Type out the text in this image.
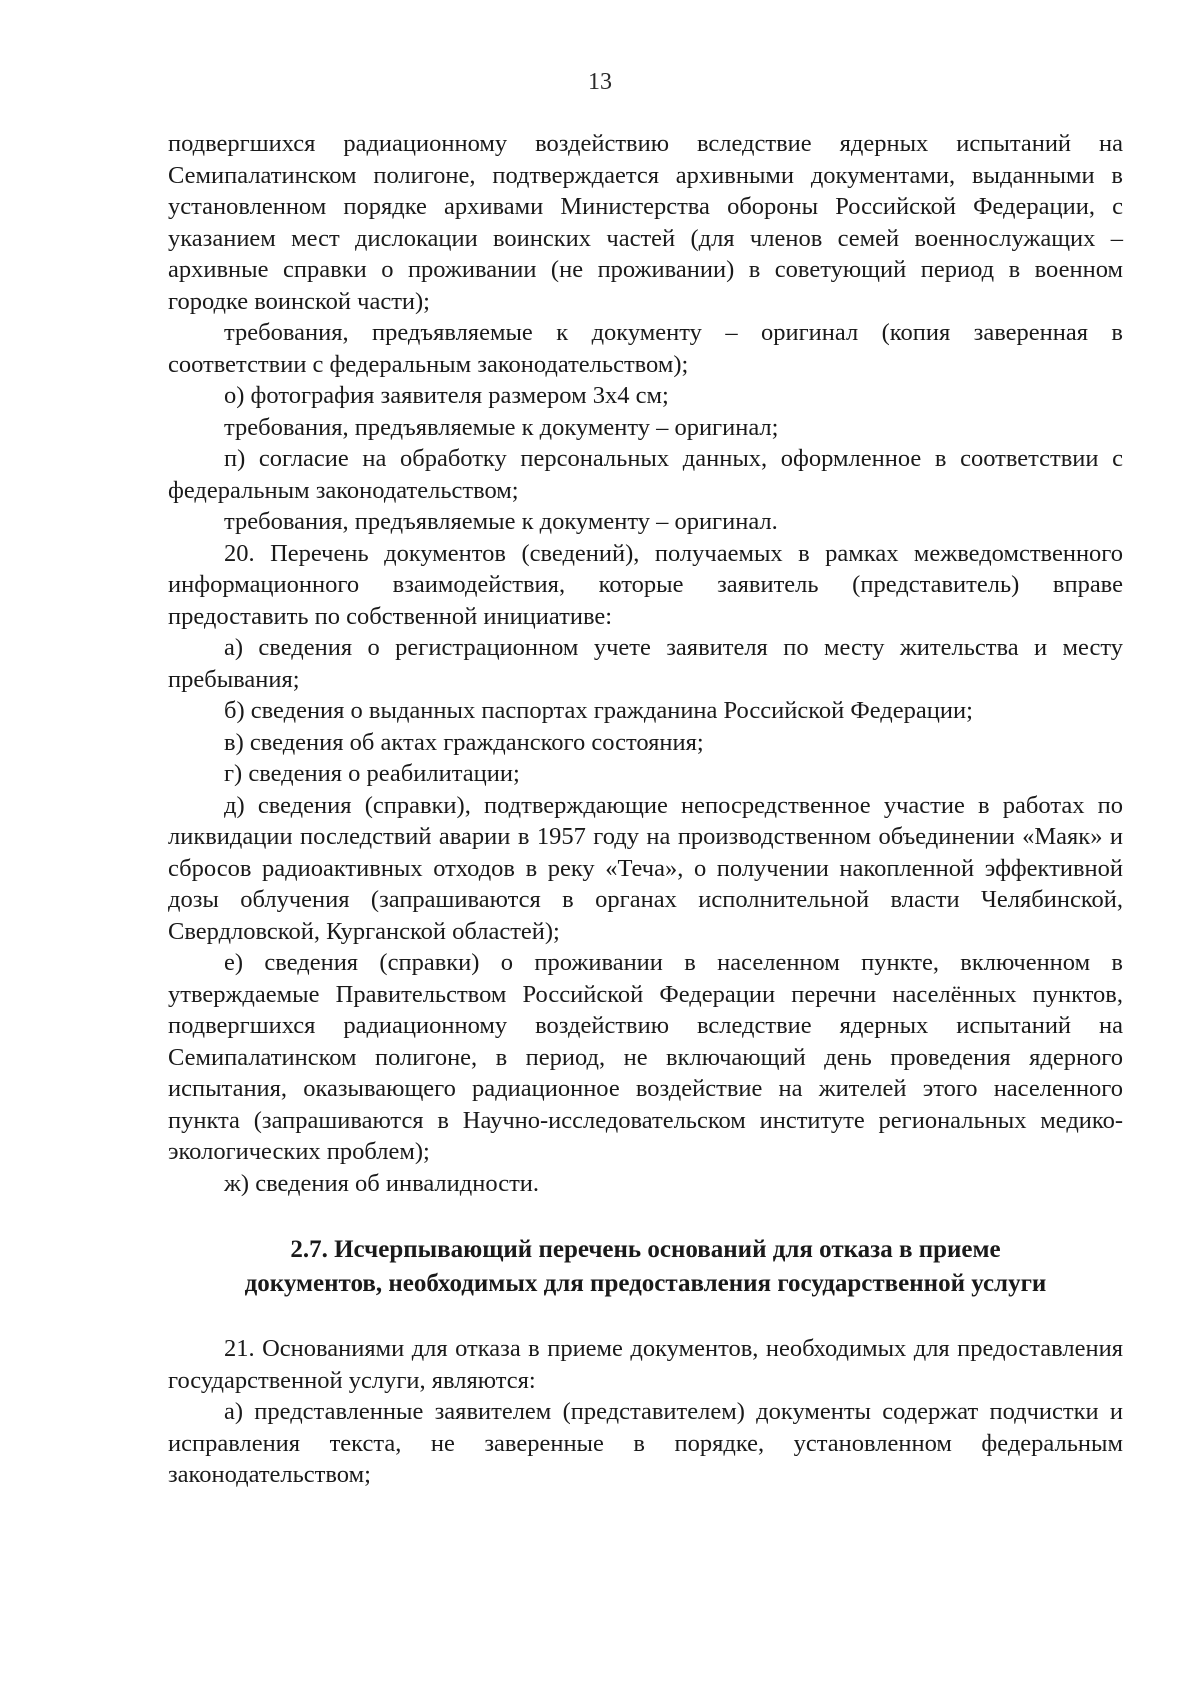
13

подвергшихся радиационному воздействию вследствие ядерных испытаний на Семипалатинском полигоне, подтверждается архивными документами, выданными в установленном порядке архивами Министерства обороны Российской Федерации, с указанием мест дислокации воинских частей (для членов семей военнослужащих – архивные справки о проживании (не проживании) в советующий период в военном городке воинской части);

требования, предъявляемые к документу – оригинал (копия заверенная в соответствии с федеральным законодательством);

о) фотография заявителя размером 3х4 см;

требования, предъявляемые к документу – оригинал;

п) согласие на обработку персональных данных, оформленное в соответствии с федеральным законодательством;

требования, предъявляемые к документу – оригинал.

20. Перечень документов (сведений), получаемых в рамках межведомственного информационного взаимодействия, которые заявитель (представитель) вправе предоставить по собственной инициативе:

а) сведения о регистрационном учете заявителя по месту жительства и месту пребывания;

б) сведения о выданных паспортах гражданина Российской Федерации;

в) сведения об актах гражданского состояния;

г) сведения о реабилитации;

д) сведения (справки), подтверждающие непосредственное участие в работах по ликвидации последствий аварии в 1957 году на производственном объединении «Маяк» и сбросов радиоактивных отходов в реку «Теча», о получении накопленной эффективной дозы облучения (запрашиваются в органах исполнительной власти Челябинской, Свердловской, Курганской областей);

е) сведения (справки) о проживании в населенном пункте, включенном в утверждаемые Правительством Российской Федерации перечни населённых пунктов, подвергшихся радиационному воздействию вследствие ядерных испытаний на Семипалатинском полигоне, в период, не включающий день проведения ядерного испытания, оказывающего радиационное воздействие на жителей этого населенного пункта (запрашиваются в Научно-исследовательском институте региональных медико-экологических проблем);

ж) сведения об инвалидности.

2.7. Исчерпывающий перечень оснований для отказа в приеме
документов, необходимых для предоставления государственной услуги

21. Основаниями для отказа в приеме документов, необходимых для предоставления государственной услуги, являются:

а) представленные заявителем (представителем) документы содержат подчистки и исправления текста, не заверенные в порядке, установленном федеральным законодательством;
